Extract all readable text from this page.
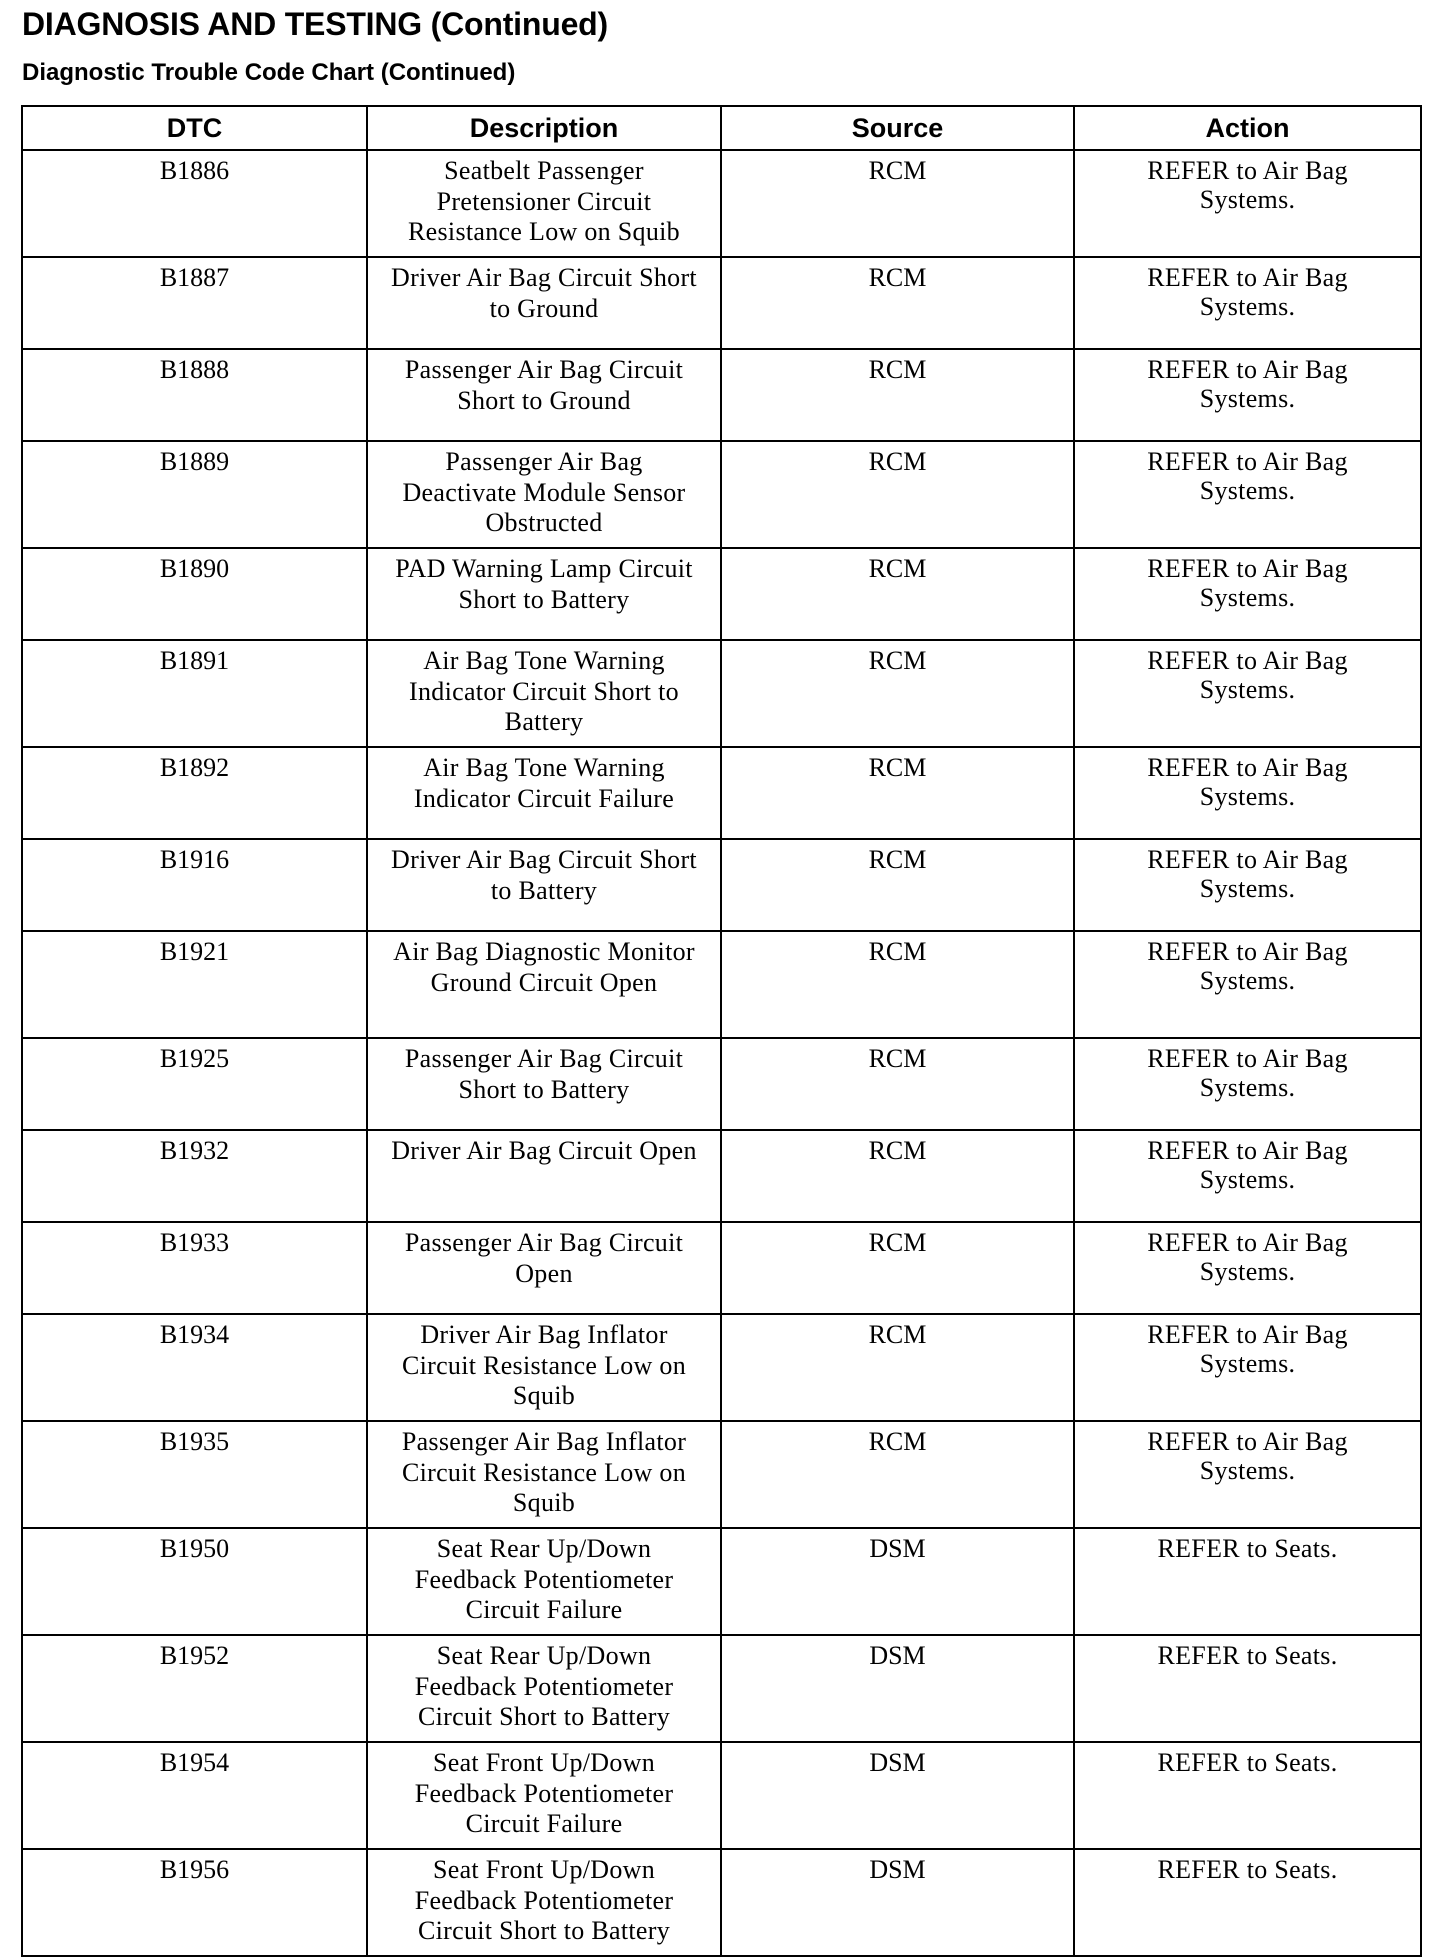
DIAGNOSIS AND TESTING (Continued)
Diagnostic Trouble Code Chart (Continued)
DTC	Description	Source	Action
B1886	Seatbelt Passenger Pretensioner Circuit Resistance Low on Squib	RCM	REFER to Air Bag Systems.
B1887	Driver Air Bag Circuit Short to Ground	RCM	REFER to Air Bag Systems.
B1888	Passenger Air Bag Circuit Short to Ground	RCM	REFER to Air Bag Systems.
B1889	Passenger Air Bag Deactivate Module Sensor Obstructed	RCM	REFER to Air Bag Systems.
B1890	PAD Warning Lamp Circuit Short to Battery	RCM	REFER to Air Bag Systems.
B1891	Air Bag Tone Warning Indicator Circuit Short to Battery	RCM	REFER to Air Bag Systems.
B1892	Air Bag Tone Warning Indicator Circuit Failure	RCM	REFER to Air Bag Systems.
B1916	Driver Air Bag Circuit Short to Battery	RCM	REFER to Air Bag Systems.
B1921	Air Bag Diagnostic Monitor Ground Circuit Open	RCM	REFER to Air Bag Systems.
B1925	Passenger Air Bag Circuit Short to Battery	RCM	REFER to Air Bag Systems.
B1932	Driver Air Bag Circuit Open	RCM	REFER to Air Bag Systems.
B1933	Passenger Air Bag Circuit Open	RCM	REFER to Air Bag Systems.
B1934	Driver Air Bag Inflator Circuit Resistance Low on Squib	RCM	REFER to Air Bag Systems.
B1935	Passenger Air Bag Inflator Circuit Resistance Low on Squib	RCM	REFER to Air Bag Systems.
B1950	Seat Rear Up/Down Feedback Potentiometer Circuit Failure	DSM	REFER to Seats.
B1952	Seat Rear Up/Down Feedback Potentiometer Circuit Short to Battery	DSM	REFER to Seats.
B1954	Seat Front Up/Down Feedback Potentiometer Circuit Failure	DSM	REFER to Seats.
B1956	Seat Front Up/Down Feedback Potentiometer Circuit Short to Battery	DSM	REFER to Seats.
